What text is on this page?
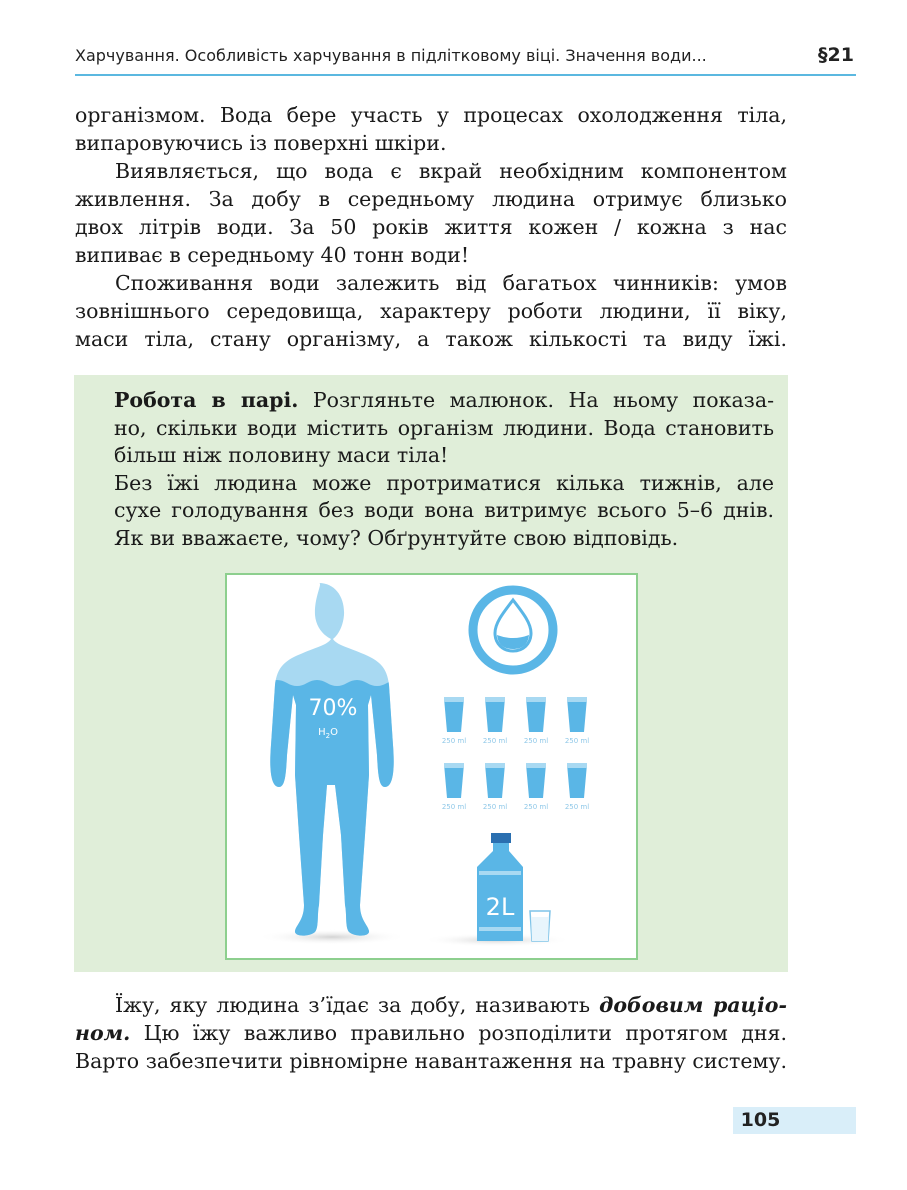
Харчування. Особливість харчування в підлітковому віці. Значення води...	§21
організмом. Вода бере участь у процесах охолодження тіла,
випаровуючись із поверхні шкіри.
Виявляється, що вода є вкрай необхідним компонентом
живлення. За добу в середньому людина отримує близько
двох літрів води. За 50 років життя кожен / кожна з нас
випиває в середньому 40 тонн води!
Споживання води залежить від багатьох чинників: умов
зовнішнього середовища, характеру роботи людини, її віку,
маси тіла, стану організму, а також кількості та виду їжі.
Робота в парі. Розгляньте малюнок. На ньому показа-
но, скільки води містить організм людини. Вода становить
більш ніж половину маси тіла!
Без їжі людина може протриматися кілька тижнів, але
сухе голодування без води вона витримує всього 5–6 днів.
Як ви вважаєте, чому? Обґрунтуйте свою відповідь.
70%
$H_2O$
250 ml 250 ml 250 ml 250 ml
250 ml 250 ml 250 ml 250 ml
2L
Їжу, яку людина з’їдає за добу, називають добовим раціо-
ном. Цю їжу важливо правильно розподілити протягом дня.
Варто забезпечити рівномірне навантаження на травну систему.
105
